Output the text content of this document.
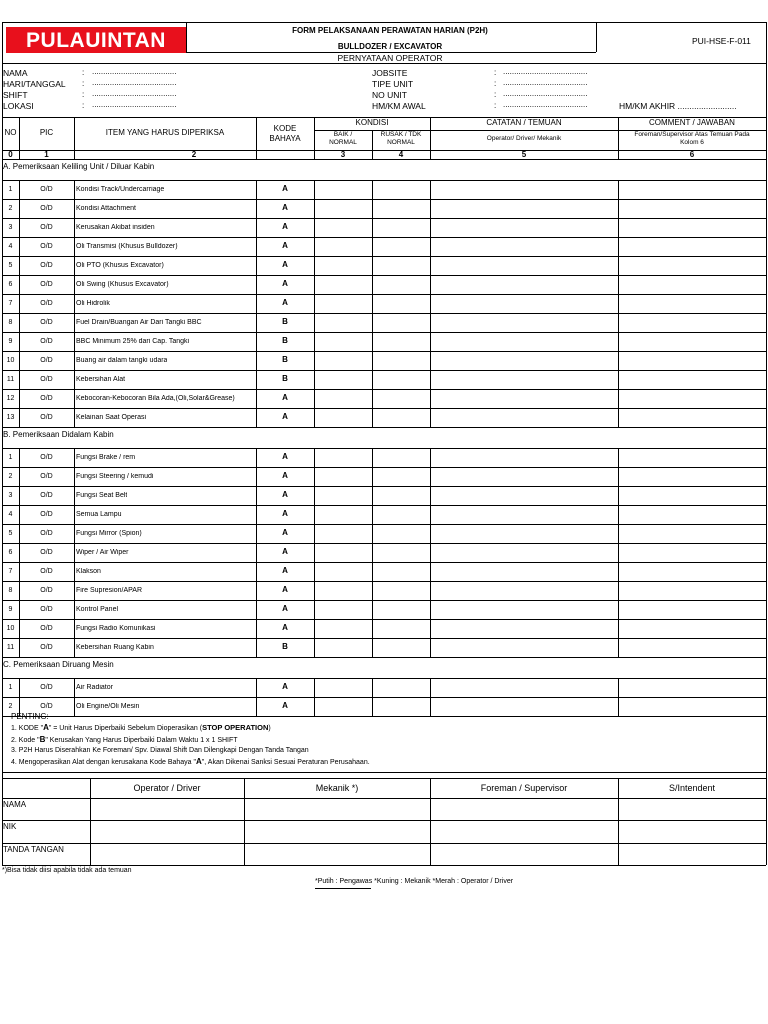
PULAUINTAN	FORM PELAKSANAAN PERAWATAN HARIAN (P2H)
BULLDOZER / EXCAVATOR
PUI-HSE-F-011
PERNYATAAN OPERATOR
NAMA	: ......................................	JOBSITE	: ......................................
HARI/TANGGAL : ......................................	TIPE UNIT	: ......................................
SHIFT	: ......................................	NO UNIT	: ......................................
LOKASI	: ......................................	HM/KM AWAL	: ......................................	HM/KM AKHIR .........................
NO	PIC	ITEM YANG HARUS DIPERIKSA	KODE
BAHAYA
KONDISI
BAIK /
NORMAL
RUSAK / TDK
NORMAL
CATATAN / TEMUAN
Operator/ Driver/ Mekanik
COMMENT / JAWABAN
Foreman/Supervisor Atas Temuan Pada
Kolom 6
0	1	2	3	4	5	6
A. Pemeriksaan Keliling Unit / Diluar Kabin
1	O/D	Kondisi Track/Undercarriage	A
2	O/D	Kondisi Attachment	A
3	O/D	Kerusakan Akibat insiden	A
4	O/D	Oli Transmisi (Khusus Bulldozer)	A
5	O/D	Oli PTO (Khusus Excavator)	A
6	O/D	Oli Swing (Khusus Excavator)	A
7	O/D	Oli Hidrolik	A
8	O/D	Fuel Drain/Buangan Air Dari Tangki BBC	B
9	O/D	BBC Minimum 25% dari Cap. Tangki	B
10	O/D	Buang air dalam tangki udara	B
11	O/D	Kebersihan Alat	B
12	O/D	Kebocoran-Kebocoran Bila Ada,(Oli,Solar&Grease)	A
13	O/D	Kelainan Saat Operasi	A
B. Pemeriksaan Didalam Kabin
1	O/D	Fungsi Brake / rem	A
2	O/D	Fungsi Steering / kemudi	A
3	O/D	Fungsi Seat Belt	A
4	O/D	Semua Lampu	A
5	O/D	Fungsi Mirror (Spion)	A
6	O/D	Wiper / Air Wiper	A
7	O/D	Klakson	A
8	O/D	Fire Supresion/APAR	A
9	O/D	Kontrol Panel	A
10	O/D	Fungsi Radio Komunikasi	A
11	O/D	Kebersihan Ruang Kabin	B
C. Pemeriksaan Diruang Mesin
1	O/D	Air Radiator	A
2	O/D	Oli Engine/Oli Mesin	A
PENTING:
1. KODE "A" = Unit Harus Diperbaiki Sebelum Dioperasikan (STOP OPERATION)
2. Kode "B" Kerusakan Yang Harus Diperbaiki Dalam Waktu 1 x 1 SHIFT
3. P2H Harus Diserahkan Ke Foreman/ Spv. Diawal Shift Dan Dilengkapi Dengan Tanda Tangan
4. Mengoperasikan Alat dengan kerusakana Kode Bahaya "A", Akan Dikenai Sanksi Sesuai Peraturan Perusahaan.
Operator / Driver	Mekanik *)	Foreman / Supervisor	S/Intendent
NAMA
NIK
TANDA TANGAN
*)Bisa tidak diisi apabila tidak ada temuan
*Putih : Pengawas *Kuning : Mekanik *Merah : Operator / Driver
